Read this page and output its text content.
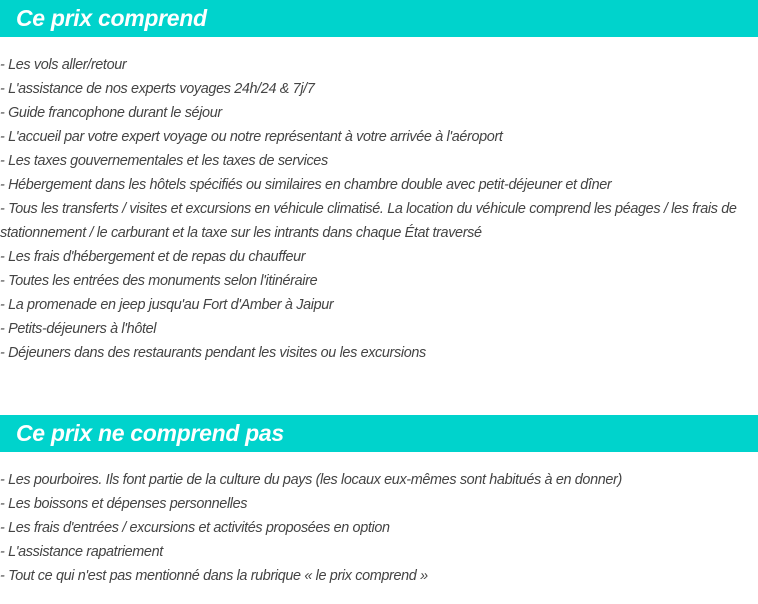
Ce prix comprend
- Les vols aller/retour
- L'assistance de nos experts voyages 24h/24 & 7j/7
- Guide francophone durant le séjour
- L'accueil par votre expert voyage ou notre représentant à votre arrivée à l'aéroport
- Les taxes gouvernementales et les taxes de services
- Hébergement dans les hôtels spécifiés ou similaires en chambre double avec petit-déjeuner et dîner
- Tous les transferts / visites et excursions en véhicule climatisé. La location du véhicule comprend les péages / les frais de stationnement / le carburant et la taxe sur les intrants dans chaque État traversé
- Les frais d'hébergement et de repas du chauffeur
- Toutes les entrées des monuments selon l'itinéraire
- La promenade en jeep jusqu'au Fort d'Amber à Jaipur
- Petits-déjeuners à l'hôtel
- Déjeuners dans des restaurants pendant les visites ou les excursions
Ce prix ne comprend pas
- Les pourboires. Ils font partie de la culture du pays (les locaux eux-mêmes sont habitués à en donner)
- Les boissons et dépenses personnelles
- Les frais d'entrées / excursions et activités proposées en option
- L'assistance rapatriement
- Tout ce qui n'est pas mentionné dans la rubrique « le prix comprend »
